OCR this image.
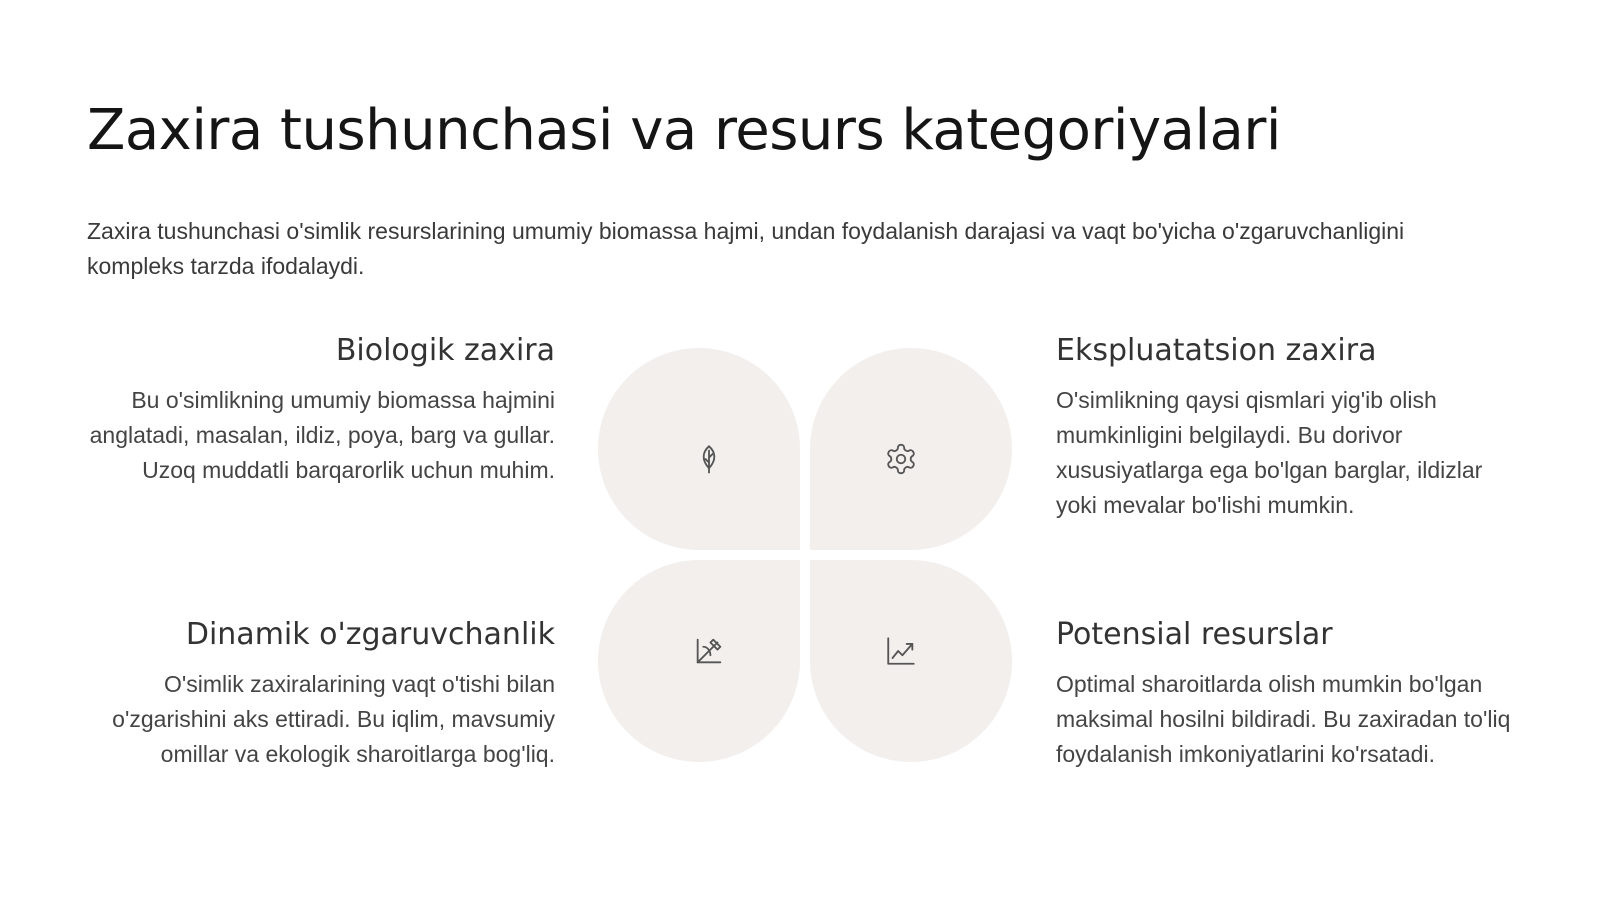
Zaxira tushunchasi va resurs kategoriyalari

Zaxira tushunchasi o'simlik resurslarining umumiy biomassa hajmi, undan foydalanish darajasi va vaqt bo'yicha o'zgaruvchanligini kompleks tarzda ifodalaydi.

Biologik zaxira

Bu o'simlikning umumiy biomassa hajmini anglatadi, masalan, ildiz, poya, barg va gullar. Uzoq muddatli barqarorlik uchun muhim.

Dinamik o'zgaruvchanlik

O'simlik zaxiralarining vaqt o'tishi bilan o'zgarishini aks ettiradi. Bu iqlim, mavsumiy omillar va ekologik sharoitlarga bog'liq.

Ekspluatatsion zaxira

O'simlikning qaysi qismlari yig'ib olish mumkinligini belgilaydi. Bu dorivor xususiyatlarga ega bo'lgan barglar, ildizlar yoki mevalar bo'lishi mumkin.

Potensial resurslar

Optimal sharoitlarda olish mumkin bo'lgan maksimal hosilni bildiradi. Bu zaxiradan to'liq foydalanish imkoniyatlarini ko'rsatadi.
